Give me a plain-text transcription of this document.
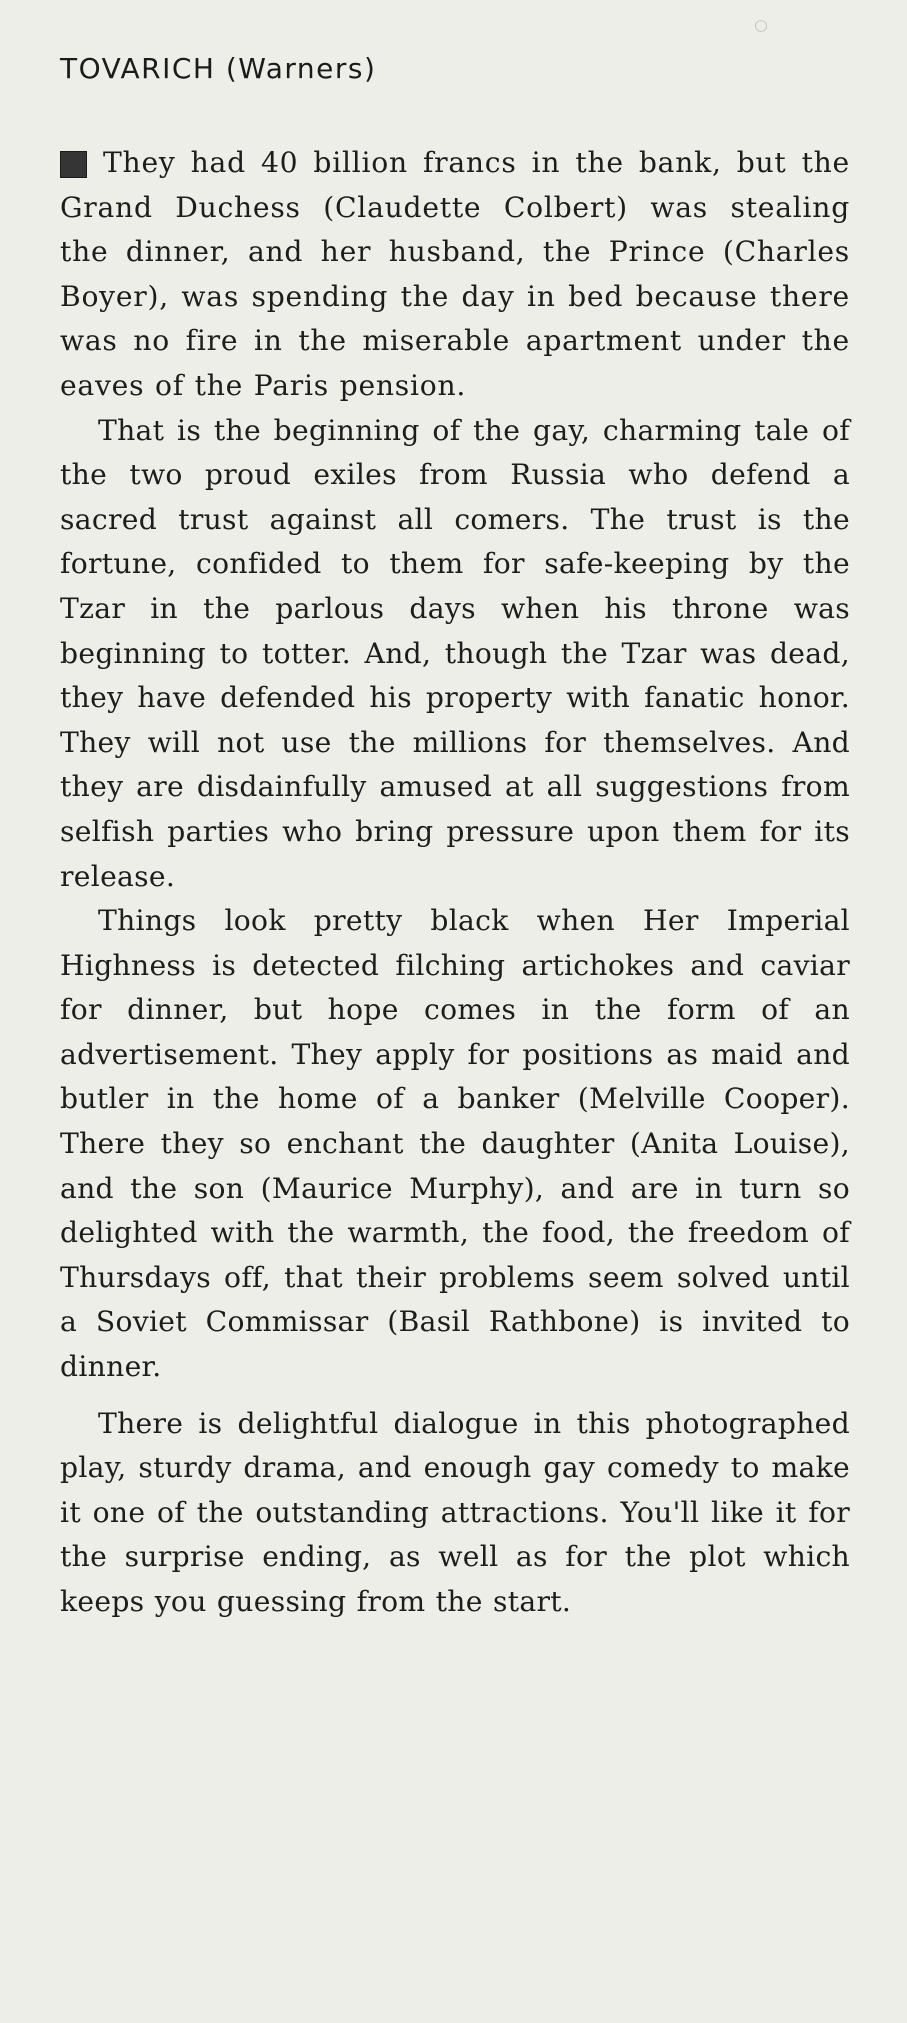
TOVARICH (Warners)

They had 40 billion francs in the bank, but the Grand Duchess (Claudette Colbert) was stealing the dinner, and her husband, the Prince (Charles Boyer), was spending the day in bed because there was no fire in the miserable apartment under the eaves of the Paris pension.

That is the beginning of the gay, charming tale of the two proud exiles from Russia who defend a sacred trust against all comers. The trust is the fortune, confided to them for safe-keeping by the Tzar in the parlous days when his throne was beginning to totter. And, though the Tzar was dead, they have defended his property with fanatic honor. They will not use the millions for themselves. And they are disdainfully amused at all suggestions from selfish parties who bring pressure upon them for its release.

Things look pretty black when Her Imperial Highness is detected filching artichokes and caviar for dinner, but hope comes in the form of an advertisement. They apply for positions as maid and butler in the home of a banker (Melville Cooper). There they so enchant the daughter (Anita Louise), and the son (Maurice Murphy), and are in turn so delighted with the warmth, the food, the freedom of Thursdays off, that their problems seem solved until a Soviet Commissar (Basil Rathbone) is invited to dinner.

There is delightful dialogue in this photographed play, sturdy drama, and enough gay comedy to make it one of the outstanding attractions. You'll like it for the surprise ending, as well as for the plot which keeps you guessing from the start.
